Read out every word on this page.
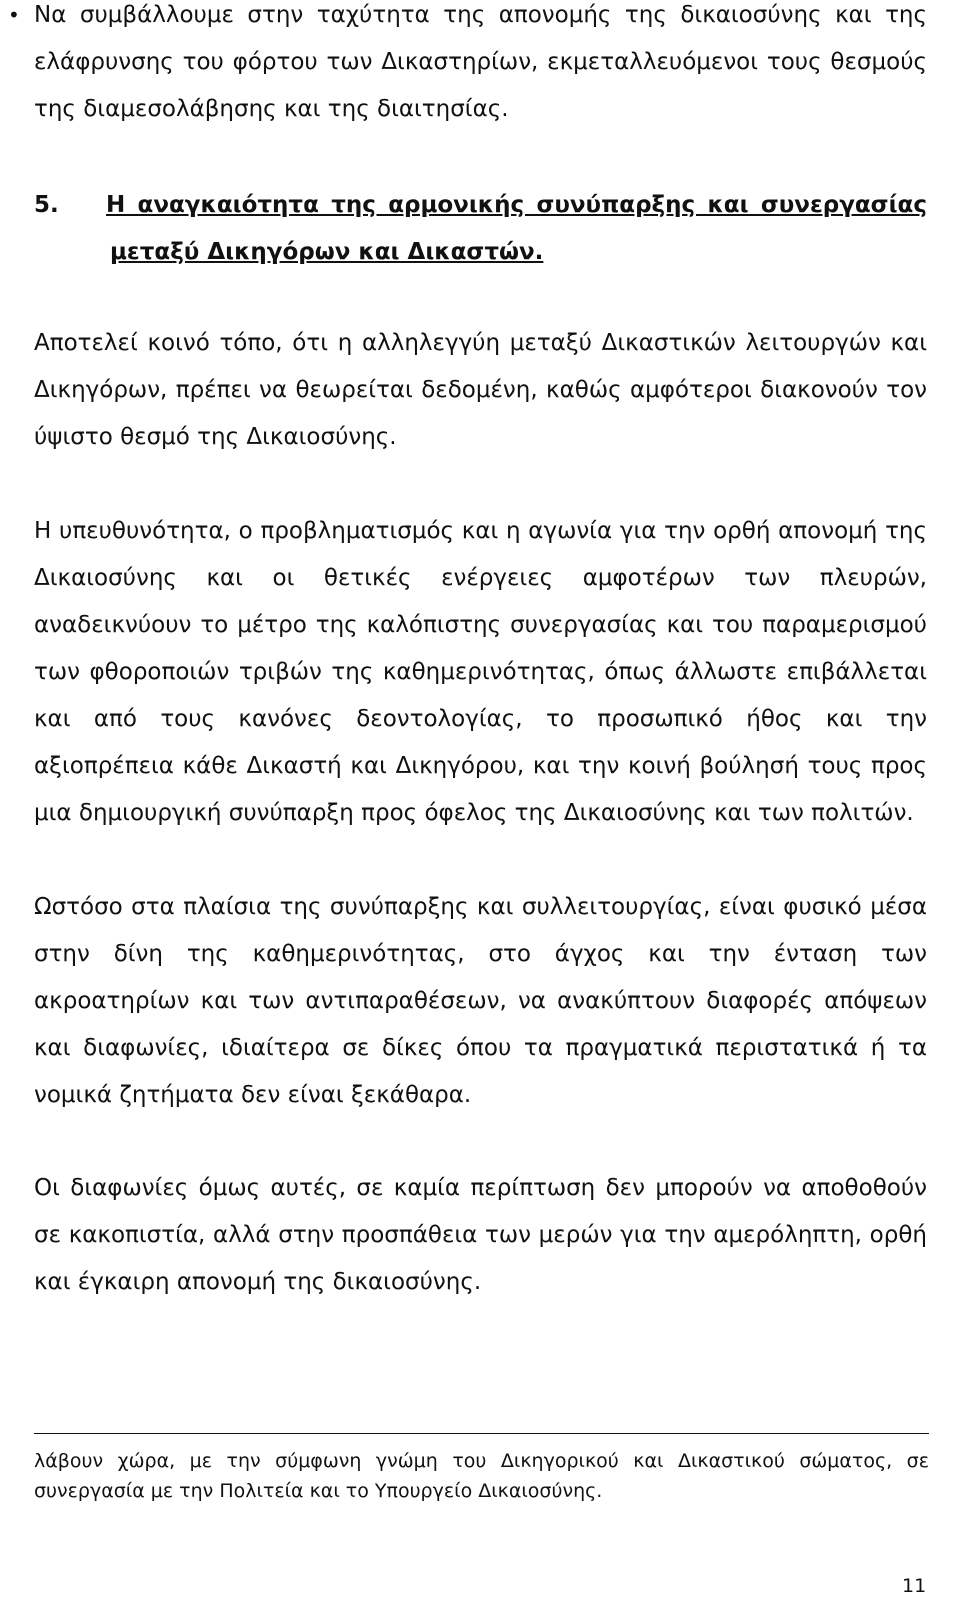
• Να συμβάλλουμε στην ταχύτητα της απονομής της δικαιοσύνης και της ελάφρυνσης του φόρτου των Δικαστηρίων, εκμεταλλευόμενοι τους θεσμούς της διαμεσολάβησης και της διαιτησίας.

5. Η αναγκαιότητα της αρμονικής συνύπαρξης και συνεργασίας
μεταξύ Δικηγόρων και Δικαστών.

Αποτελεί κοινό τόπο, ότι η αλληλεγγύη μεταξύ Δικαστικών λειτουργών και Δικηγόρων, πρέπει να θεωρείται δεδομένη, καθώς αμφότεροι διακονούν τον ύψιστο θεσμό της Δικαιοσύνης.

Η υπευθυνότητα, ο προβληματισμός και η αγωνία για την ορθή απονομή της Δικαιοσύνης και οι θετικές ενέργειες αμφοτέρων των πλευρών, αναδεικνύουν το μέτρο της καλόπιστης συνεργασίας και του παραμερισμού των φθοροποιών τριβών της καθημερινότητας, όπως άλλωστε επιβάλλεται και από τους κανόνες δεοντολογίας, το προσωπικό ήθος και την αξιοπρέπεια κάθε Δικαστή και Δικηγόρου, και την κοινή βούλησή τους προς μια δημιουργική συνύπαρξη προς όφελος της Δικαιοσύνης και των πολιτών.

Ωστόσο στα πλαίσια της συνύπαρξης και συλλειτουργίας, είναι φυσικό μέσα στην δίνη της καθημερινότητας, στο άγχος και την ένταση των ακροατηρίων και των αντιπαραθέσεων, να ανακύπτουν διαφορές απόψεων και διαφωνίες, ιδιαίτερα σε δίκες όπου τα πραγματικά περιστατικά ή τα νομικά ζητήματα δεν είναι ξεκάθαρα.

Οι διαφωνίες όμως αυτές, σε καμία περίπτωση δεν μπορούν να αποθοθούν σε κακοπιστία, αλλά στην προσπάθεια των μερών για την αμερόληπτη, ορθή και έγκαιρη απονομή της δικαιοσύνης.

λάβουν χώρα, με την σύμφωνη γνώμη του Δικηγορικού και Δικαστικού σώματος, σε συνεργασία με την Πολιτεία και το Υπουργείο Δικαιοσύνης.

11
